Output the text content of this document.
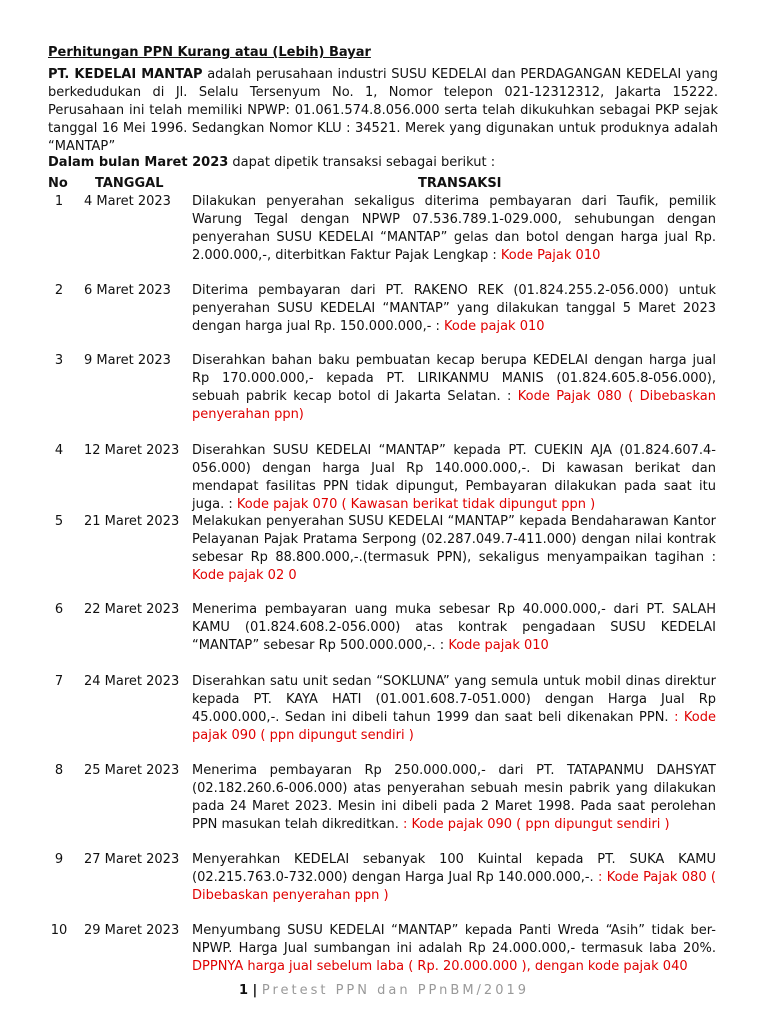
Perhitungan PPN Kurang atau (Lebih) Bayar
PT. KEDELAI MANTAP adalah perusahaan industri SUSU KEDELAI dan PERDAGANGAN KEDELAI yang berkedudukan di Jl. Selalu Tersenyum No. 1, Nomor telepon 021-12312312, Jakarta 15222. Perusahaan ini telah memiliki NPWP: 01.061.574.8.056.000 serta telah dikukuhkan sebagai PKP sejak tanggal 16 Mei 1996. Sedangkan Nomor KLU : 34521. Merek yang digunakan untuk produknya adalah “MANTAP”
Dalam bulan Maret 2023 dapat dipetik transaksi sebagai berikut :
No TANGGAL	TRANSAKSI
1	4 Maret 2023	Dilakukan penyerahan sekaligus diterima pembayaran dari Taufik, pemilik Warung Tegal dengan NPWP 07.536.789.1-029.000, sehubungan dengan penyerahan SUSU KEDELAI “MANTAP” gelas dan botol dengan harga jual Rp. 2.000.000,-, diterbitkan Faktur Pajak Lengkap : Kode Pajak 010
2	6 Maret 2023	Diterima pembayaran dari PT. RAKENO REK (01.824.255.2-056.000) untuk penyerahan SUSU KEDELAI “MANTAP” yang dilakukan tanggal 5 Maret 2023 dengan harga jual Rp. 150.000.000,- : Kode pajak 010
3	9 Maret 2023	Diserahkan bahan baku pembuatan kecap berupa KEDELAI dengan harga jual Rp 170.000.000,- kepada PT. LIRIKANMU MANIS (01.824.605.8-056.000), sebuah pabrik kecap botol di Jakarta Selatan. : Kode Pajak 080 ( Dibebaskan penyerahan ppn)
4	12 Maret 2023 Diserahkan SUSU KEDELAI “MANTAP” kepada PT. CUEKIN AJA (01.824.607.4-056.000) dengan harga Jual Rp 140.000.000,-. Di kawasan berikat dan mendapat fasilitas PPN tidak dipungut, Pembayaran dilakukan pada saat itu juga. : Kode pajak 070 ( Kawasan berikat tidak dipungut ppn )
5	21 Maret 2023 Melakukan penyerahan SUSU KEDELAI “MANTAP” kepada Bendaharawan Kantor Pelayanan Pajak Pratama Serpong (02.287.049.7-411.000) dengan nilai kontrak sebesar Rp 88.800.000,-.(termasuk PPN), sekaligus menyampaikan tagihan : Kode pajak 02 0
6	22 Maret 2023 Menerima pembayaran uang muka sebesar Rp 40.000.000,- dari PT. SALAH KAMU (01.824.608.2-056.000) atas kontrak pengadaan SUSU KEDELAI “MANTAP” sebesar Rp 500.000.000,-. : Kode pajak 010
7	24 Maret 2023 Diserahkan satu unit sedan “SOKLUNA” yang semula untuk mobil dinas direktur kepada PT. KAYA HATI (01.001.608.7-051.000) dengan Harga Jual Rp 45.000.000,-. Sedan ini dibeli tahun 1999 dan saat beli dikenakan PPN. : Kode pajak 090 ( ppn dipungut sendiri )
8	25 Maret 2023 Menerima pembayaran Rp 250.000.000,- dari PT. TATAPANMU DAHSYAT (02.182.260.6-006.000) atas penyerahan sebuah mesin pabrik yang dilakukan pada 24 Maret 2023. Mesin ini dibeli pada 2 Maret 1998. Pada saat perolehan PPN masukan telah dikreditkan. : Kode pajak 090 ( ppn dipungut sendiri )
9	27 Maret 2023 Menyerahkan KEDELAI sebanyak 100 Kuintal kepada PT. SUKA KAMU (02.215.763.0-732.000) dengan Harga Jual Rp 140.000.000,-. : Kode Pajak 080 ( Dibebaskan penyerahan ppn )
10 29 Maret 2023 Menyumbang SUSU KEDELAI “MANTAP” kepada Panti Wreda “Asih” tidak ber-NPWP. Harga Jual sumbangan ini adalah Rp 24.000.000,- termasuk laba 20%. DPPNYA harga jual sebelum laba ( Rp. 20.000.000 ), dengan kode pajak 040
1 | Pretest PPN dan PPnBM/2019
